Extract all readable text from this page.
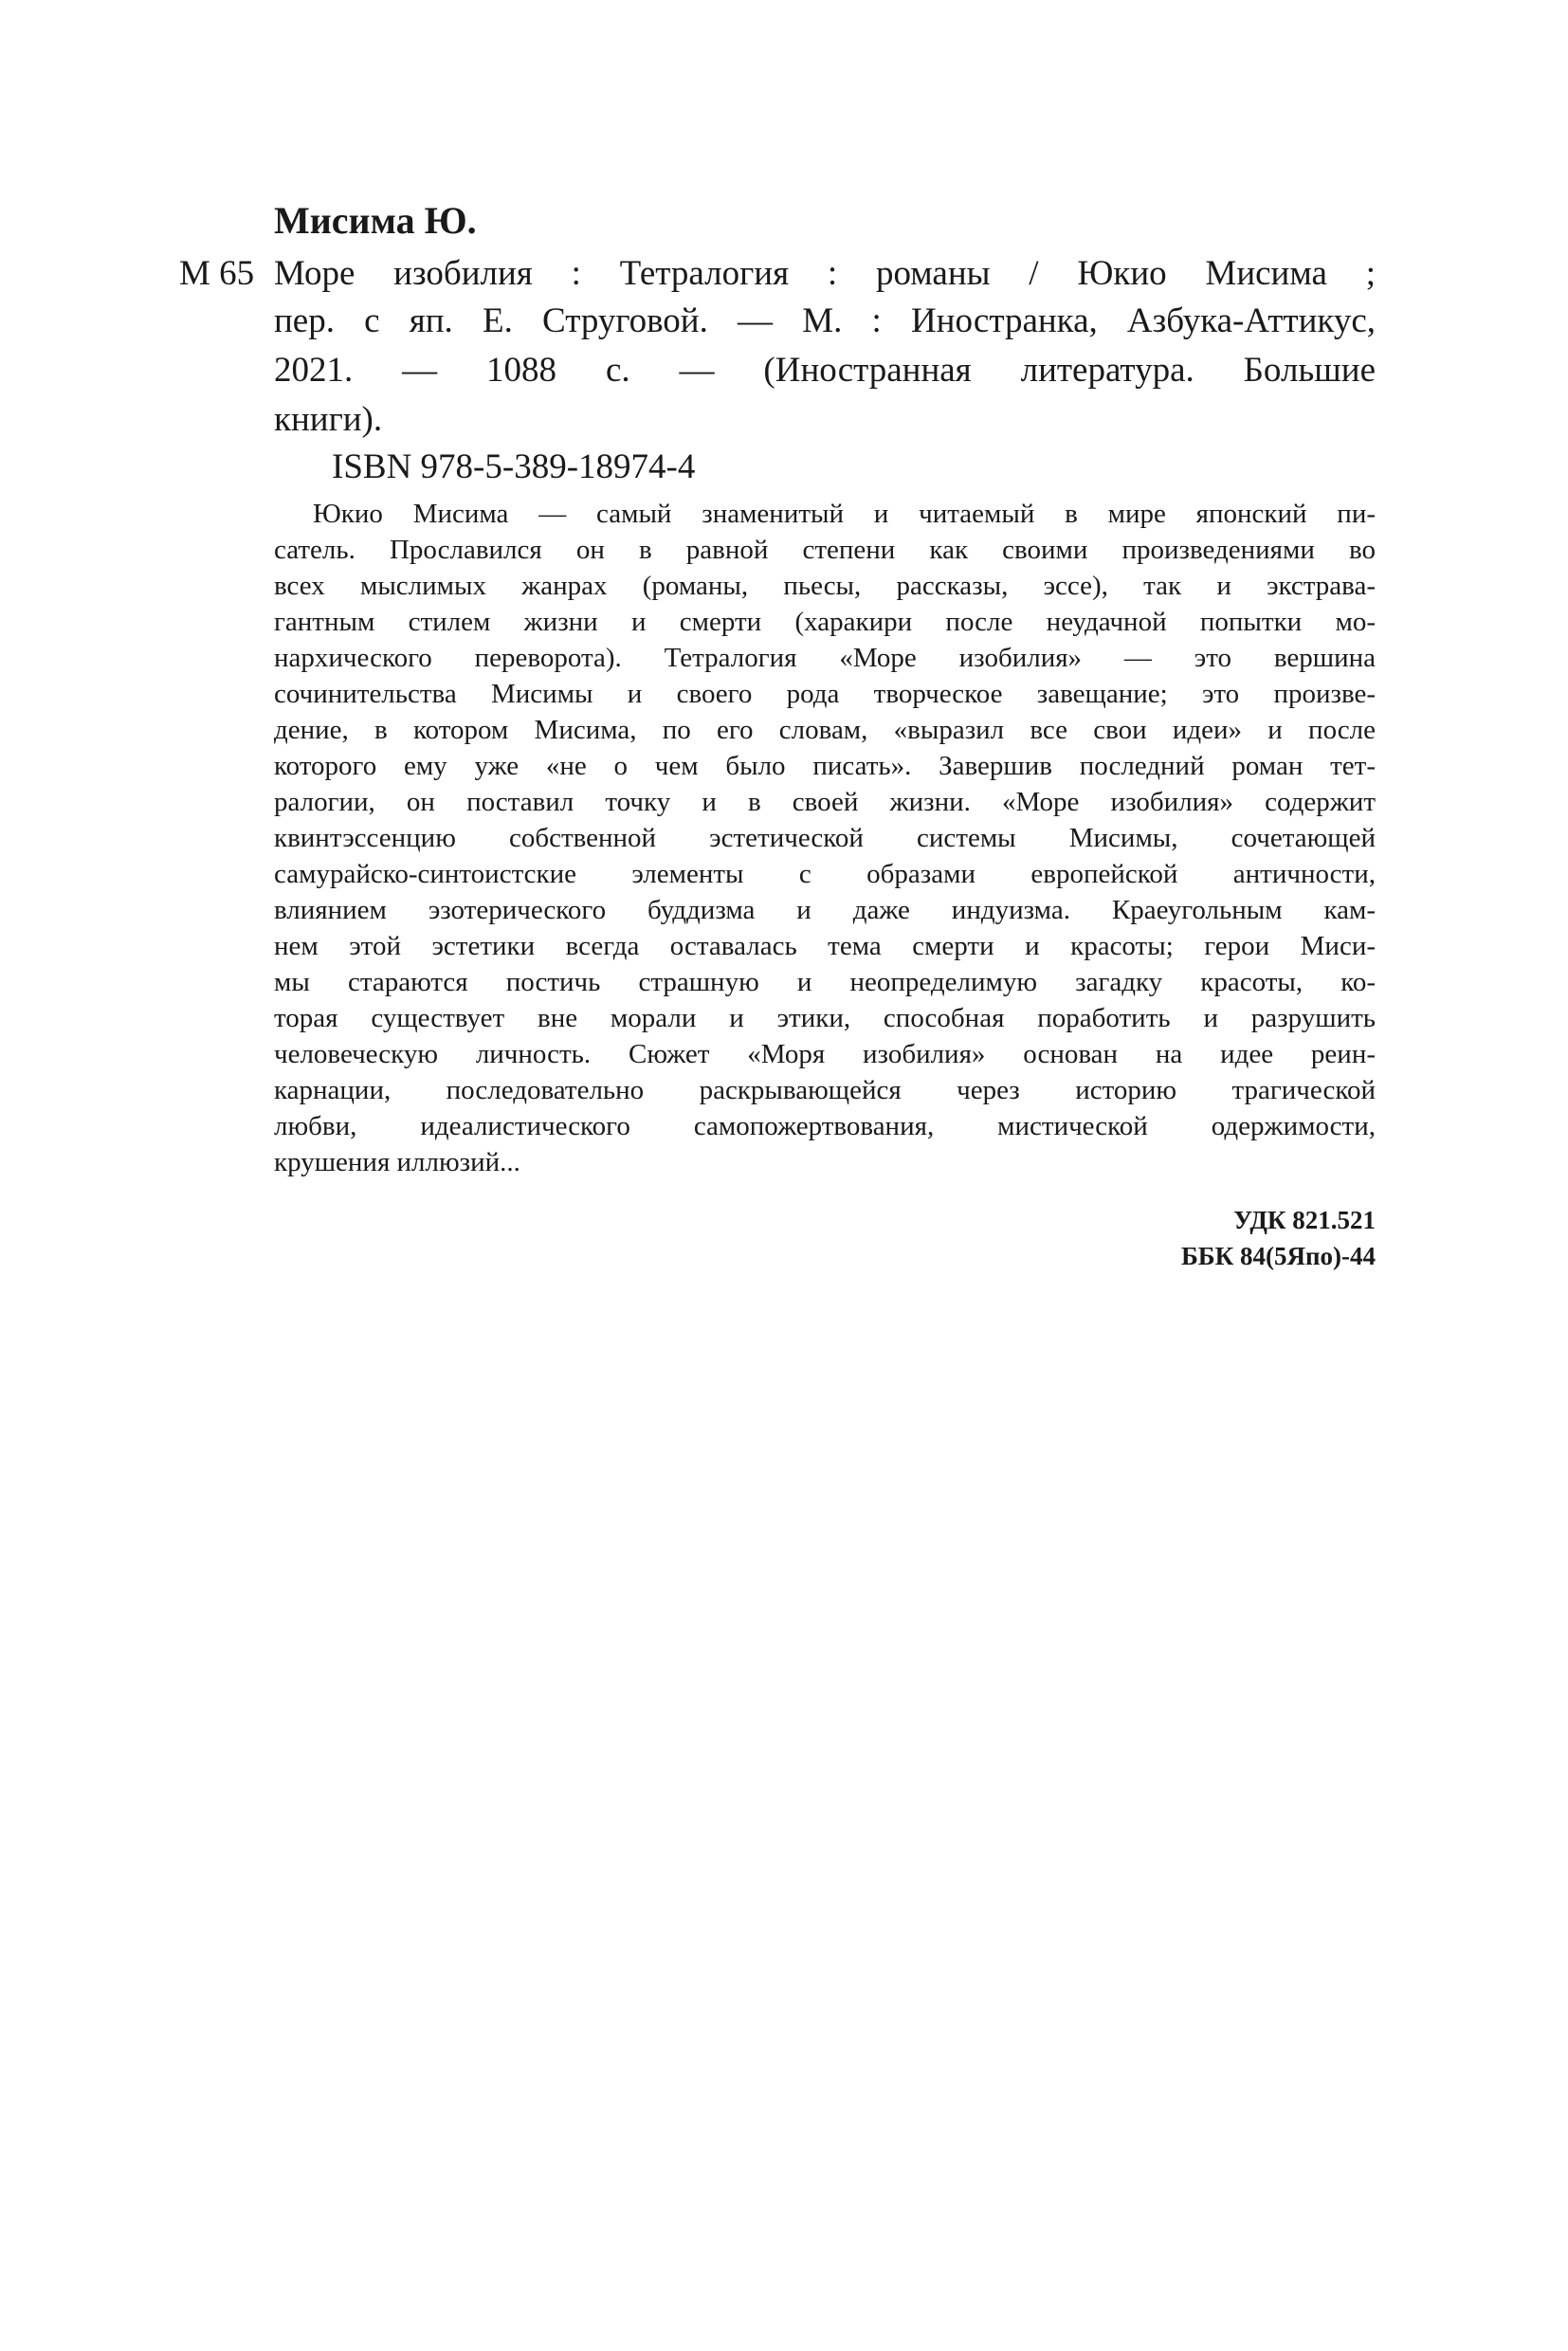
Мисима Ю.
М 65 Море изобилия : Тетралогия : романы / Юкио Мисима ;
пер. с яп. Е. Струговой. — М. : Иностранка, Азбука-Аттикус,
2021. — 1088 с. — (Иностранная литература. Большие
книги).
ISBN 978-5-389-18974-4
Юкио Мисима — самый знаменитый и читаемый в мире японский пи-
сатель. Прославился он в равной степени как своими произведениями во
всех мыслимых жанрах (романы, пьесы, рассказы, эссе), так и экстрава-
гантным стилем жизни и смерти (харакири после неудачной попытки мо-
нархического переворота). Тетралогия «Море изобилия» — это вершина
сочинительства Мисимы и своего рода творческое завещание; это произве-
дение, в котором Мисима, по его словам, «выразил все свои идеи» и после
которого ему уже «не о чем было писать». Завершив последний роман тет-
ралогии, он поставил точку и в своей жизни. «Море изобилия» содержит
квинтэссенцию собственной эстетической системы Мисимы, сочетающей
самурайско-синтоистские элементы с образами европейской античности,
влиянием эзотерического буддизма и даже индуизма. Краеугольным кам-
нем этой эстетики всегда оставалась тема смерти и красоты; герои Миси-
мы стараются постичь страшную и неопределимую загадку красоты, ко-
торая существует вне морали и этики, способная поработить и разрушить
человеческую личность. Сюжет «Моря изобилия» основан на идее реин-
карнации, последовательно раскрывающейся через историю трагической
любви, идеалистического самопожертвования, мистической одержимости,
крушения иллюзий...
УДК 821.521
ББК 84(5Япо)-44
